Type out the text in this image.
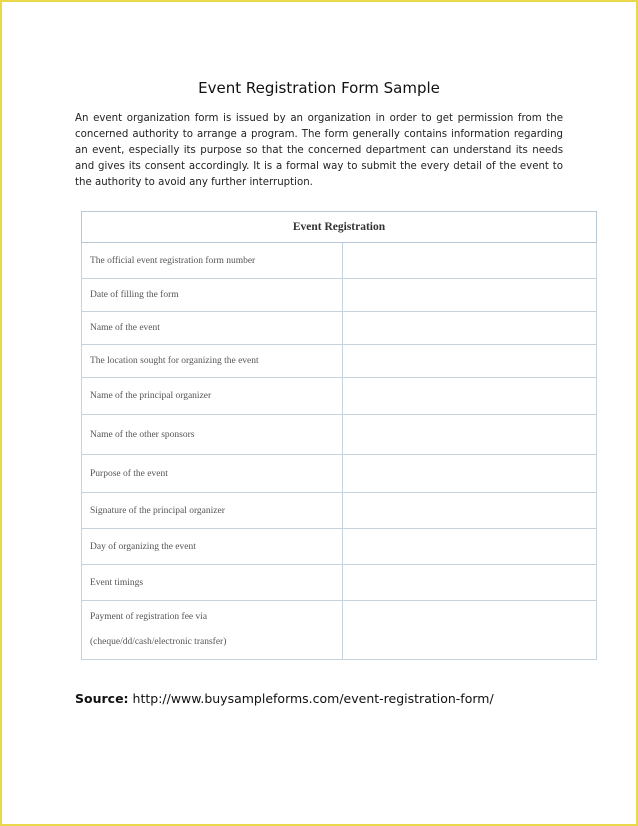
Event Registration Form Sample

An event organization form is issued by an organization in order to get permission from the concerned authority to arrange a program. The form generally contains information regarding an event, especially its purpose so that the concerned department can understand its needs and gives its consent accordingly. It is a formal way to submit the every detail of the event to the authority to avoid any further interruption.

Event Registration	
The official event registration form number	
Date of filling the form	
Name of the event	
The location sought for organizing the event	
Name of the principal organizer	
Name of the other sponsors	
Purpose of the event	
Signature of the principal organizer	
Day of organizing the event	
Event timings	

Payment of registration fee via
(cheque/dd/cash/electronic transfer)	

Source: http://www.buysampleforms.com/event-registration-form/
